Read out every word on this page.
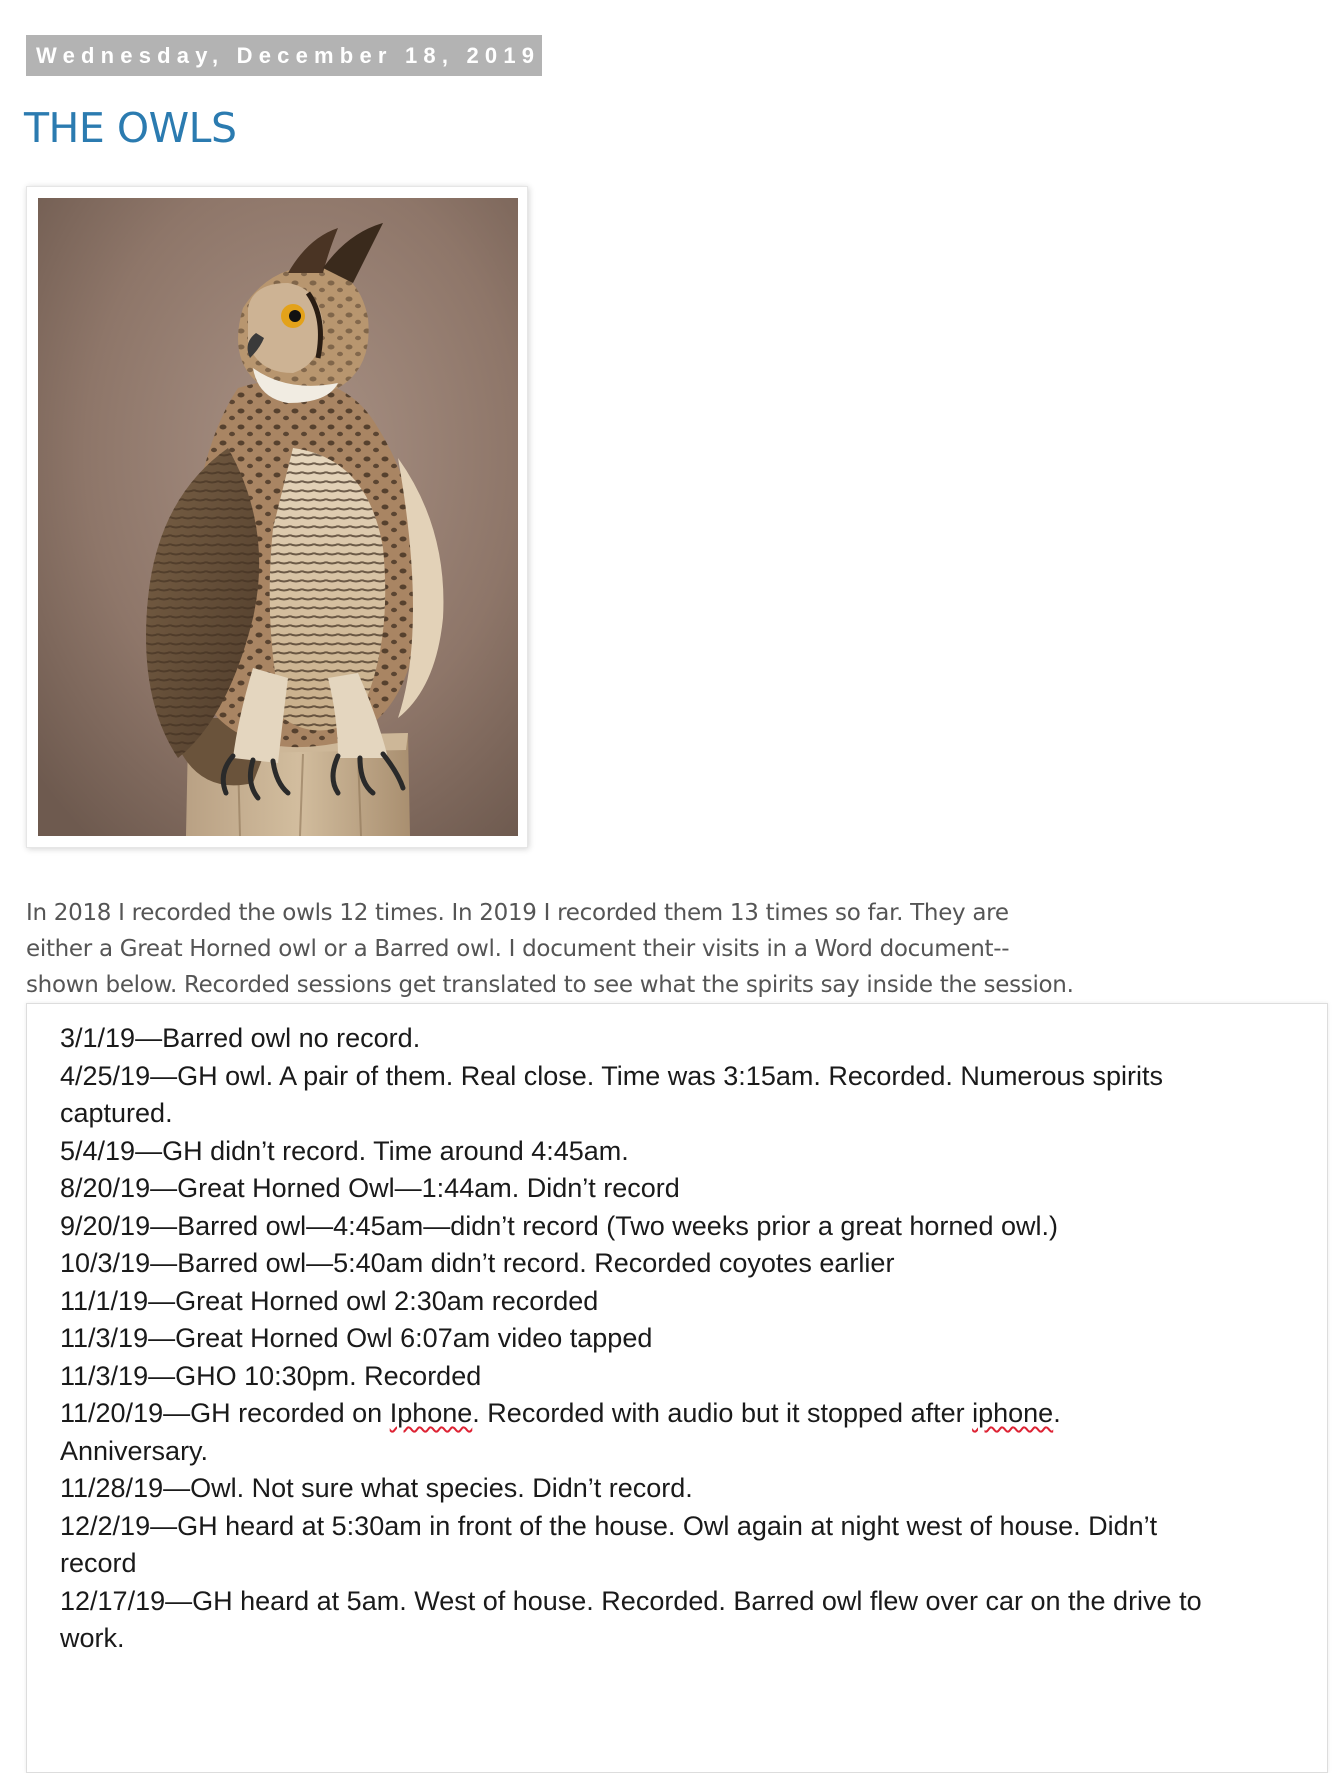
Wednesday, December 18, 2019
THE OWLS

In 2018 I recorded the owls 12 times. In 2019 I recorded them 13 times so far. They are
either a Great Horned owl or a Barred owl. I document their visits in a Word document--
shown below. Recorded sessions get translated to see what the spirits say inside the session.

3/1/19—Barred owl no record.
4/25/19—GH owl. A pair of them. Real close. Time was 3:15am. Recorded. Numerous spirits
captured.
5/4/19—GH didn’t record. Time around 4:45am.
8/20/19—Great Horned Owl—1:44am. Didn’t record
9/20/19—Barred owl—4:45am—didn’t record (Two weeks prior a great horned owl.)
10/3/19—Barred owl—5:40am didn’t record. Recorded coyotes earlier
11/1/19—Great Horned owl 2:30am recorded
11/3/19—Great Horned Owl 6:07am video tapped
11/3/19—GHO 10:30pm. Recorded
11/20/19—GH recorded on Iphone. Recorded with audio but it stopped after iphone.
Anniversary.
11/28/19—Owl. Not sure what species. Didn’t record.
12/2/19—GH heard at 5:30am in front of the house. Owl again at night west of house. Didn’t
record
12/17/19—GH heard at 5am. West of house. Recorded. Barred owl flew over car on the drive to
work.
